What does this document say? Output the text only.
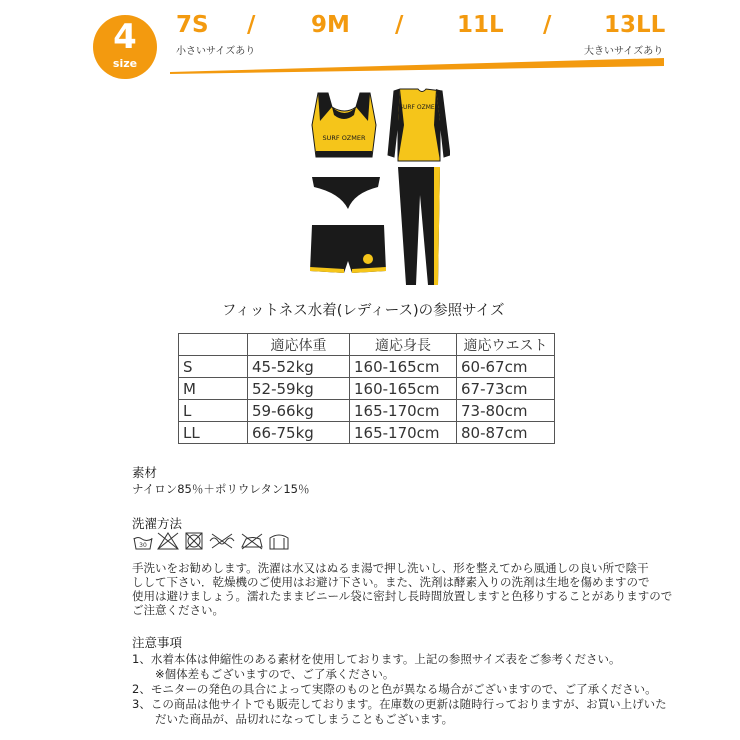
4
size
7S / 9M / 11L / 13LL
小さいサイズあり	大きいサイズあり
SURF OZMER
SURF OZMER
フィットネス水着(レディース)の参照サイズ
	適応体重	適応身長	適応ウエスト
S	45-52kg	160-165cm	60-67cm
M	52-59kg	160-165cm	67-73cm
L	59-66kg	165-170cm	73-80cm
LL	66-75kg	165-170cm	80-87cm
素材
ナイロン85％＋ポリウレタン15％
洗濯方法
30
手洗いをお勧めします。洗濯は水又はぬるま湯で押し洗いし、形を整えてから風通しの良い所で陰干
しして下さい．乾燥機のご使用はお避け下さい。また、洗剤は酵素入りの洗剤は生地を傷めますので
使用は避けましょう。濡れたままビニール袋に密封し長時間放置しますと色移りすることがありますので
ご注意ください。
注意事項
1、水着本体は伸縮性のある素材を使用しております。上記の参照サイズ表をご参考ください。
　　※個体差もございますので、ご了承ください。
2、モニターの発色の具合によって実際のものと色が異なる場合がございますので、ご了承ください。
3、この商品は他サイトでも販売しております。在庫数の更新は随時行っておりますが、お買い上げいた
　　だいた商品が、品切れになってしまうこともございます。
